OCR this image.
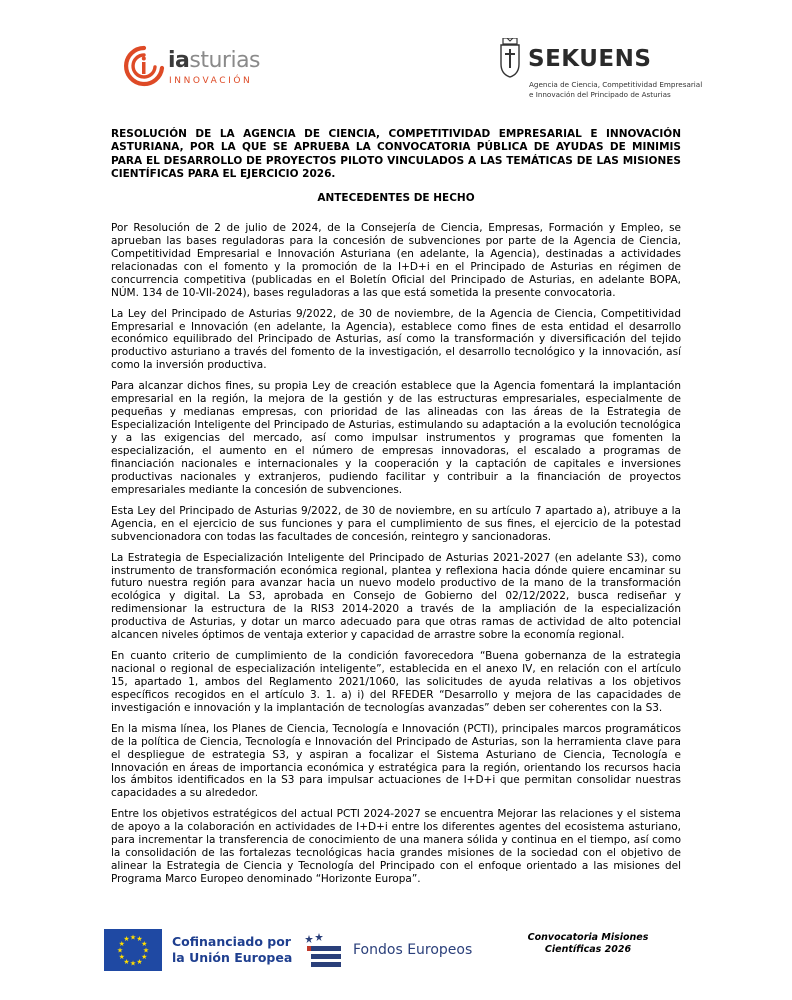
iasturias
INNOVACIÓN
SEKUENS
Agencia de Ciencia, Competitividad Empresarial
e Innovación del Principado de Asturias
RESOLUCIÓN DE LA AGENCIA DE CIENCIA, COMPETITIVIDAD EMPRESARIAL E INNOVACIÓN ASTURIANA, POR LA QUE SE APRUEBA LA CONVOCATORIA PÚBLICA DE AYUDAS DE MINIMIS PARA EL DESARROLLO DE PROYECTOS PILOTO VINCULADOS A LAS TEMÁTICAS DE LAS MISIONES CIENTÍFICAS PARA EL EJERCICIO 2026.
ANTECEDENTES DE HECHO

Por Resolución de 2 de julio de 2024, de la Consejería de Ciencia, Empresas, Formación y Empleo, se aprueban las bases reguladoras para la concesión de subvenciones por parte de la Agencia de Ciencia, Competitividad Empresarial e Innovación Asturiana (en adelante, la Agencia), destinadas a actividades relacionadas con el fomento y la promoción de la I+D+i en el Principado de Asturias en régimen de concurrencia competitiva (publicadas en el Boletín Oficial del Principado de Asturias, en adelante BOPA, NÚM. 134 de 10-VII-2024), bases reguladoras a las que está sometida la presente convocatoria.

La Ley del Principado de Asturias 9/2022, de 30 de noviembre, de la Agencia de Ciencia, Competitividad Empresarial e Innovación (en adelante, la Agencia), establece como fines de esta entidad el desarrollo económico equilibrado del Principado de Asturias, así como la transformación y diversificación del tejido productivo asturiano a través del fomento de la investigación, el desarrollo tecnológico y la innovación, así como la inversión productiva.

Para alcanzar dichos fines, su propia Ley de creación establece que la Agencia fomentará la implantación empresarial en la región, la mejora de la gestión y de las estructuras empresariales, especialmente de pequeñas y medianas empresas, con prioridad de las alineadas con las áreas de la Estrategia de Especialización Inteligente del Principado de Asturias, estimulando su adaptación a la evolución tecnológica y a las exigencias del mercado, así como impulsar instrumentos y programas que fomenten la especialización, el aumento en el número de empresas innovadoras, el escalado a programas de financiación nacionales e internacionales y la cooperación y la captación de capitales e inversiones productivas nacionales y extranjeros, pudiendo facilitar y contribuir a la financiación de proyectos empresariales mediante la concesión de subvenciones.

Esta Ley del Principado de Asturias 9/2022, de 30 de noviembre, en su artículo 7 apartado a), atribuye a la Agencia, en el ejercicio de sus funciones y para el cumplimiento de sus fines, el ejercicio de la potestad subvencionadora con todas las facultades de concesión, reintegro y sancionadoras.

La Estrategia de Especialización Inteligente del Principado de Asturias 2021-2027 (en adelante S3), como instrumento de transformación económica regional, plantea y reflexiona hacia dónde quiere encaminar su futuro nuestra región para avanzar hacia un nuevo modelo productivo de la mano de la transformación ecológica y digital. La S3, aprobada en Consejo de Gobierno del 02/12/2022, busca rediseñar y redimensionar la estructura de la RIS3 2014-2020 a través de la ampliación de la especialización productiva de Asturias, y dotar un marco adecuado para que otras ramas de actividad de alto potencial alcancen niveles óptimos de ventaja exterior y capacidad de arrastre sobre la economía regional.

En cuanto criterio de cumplimiento de la condición favorecedora “Buena gobernanza de la estrategia nacional o regional de especialización inteligente”, establecida en el anexo IV, en relación con el artículo 15, apartado 1, ambos del Reglamento 2021/1060, las solicitudes de ayuda relativas a los objetivos específicos recogidos en el artículo 3. 1. a) i) del RFEDER “Desarrollo y mejora de las capacidades de investigación e innovación y la implantación de tecnologías avanzadas” deben ser coherentes con la S3.

En la misma línea, los Planes de Ciencia, Tecnología e Innovación (PCTI), principales marcos programáticos de la política de Ciencia, Tecnología e Innovación del Principado de Asturias, son la herramienta clave para el despliegue de estrategia S3, y aspiran a focalizar el Sistema Asturiano de Ciencia, Tecnología e Innovación en áreas de importancia económica y estratégica para la región, orientando los recursos hacia los ámbitos identificados en la S3 para impulsar actuaciones de I+D+i que permitan consolidar nuestras capacidades a su alrededor.

Entre los objetivos estratégicos del actual PCTI 2024-2027 se encuentra Mejorar las relaciones y el sistema de apoyo a la colaboración en actividades de I+D+i entre los diferentes agentes del ecosistema asturiano, para incrementar la transferencia de conocimiento de una manera sólida y continua en el tiempo, así como la consolidación de las fortalezas tecnológicas hacia grandes misiones de la sociedad con el objetivo de alinear la Estrategia de Ciencia y Tecnología del Principado con el enfoque orientado a las misiones del Programa Marco Europeo denominado “Horizonte Europa”.

★
★
★
★
★
★
★
★
★ ★ ★
★ Cofinanciado por
la Unión Europea	Fondos Europeos
Convocatoria Misiones
Científicas 2026
